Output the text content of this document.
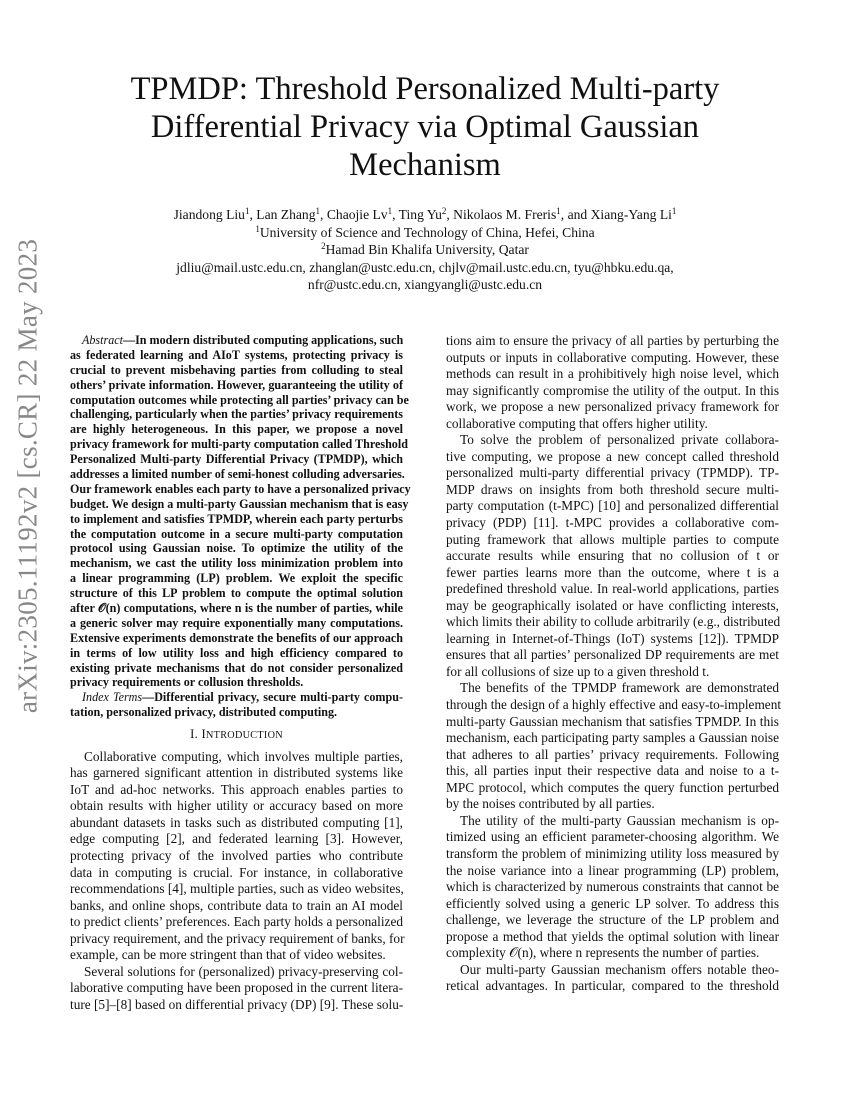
arXiv:2305.11192v2 [cs.CR] 22 May 2023
TPMDP: Threshold Personalized Multi-party
Differential Privacy via Optimal Gaussian
Mechanism
Jiandong Liu$^1$, Lan Zhang$^1$, Chaojie Lv$^1$, Ting Yu$^2$, Nikolaos M. Freris$^1$, and Xiang-Yang Li$^1$
$^1$University of Science and Technology of China, Hefei, China
$^2$Hamad Bin Khalifa University, Qatar
jdliu@mail.ustc.edu.cn, zhanglan@ustc.edu.cn, chjlv@mail.ustc.edu.cn, tyu@hbku.edu.qa,
nfr@ustc.edu.cn, xiangyangli@ustc.edu.cn
Abstract—In modern distributed computing applications, such
as federated learning and AIoT systems, protecting privacy is
crucial to prevent misbehaving parties from colluding to steal
others’ private information. However, guaranteeing the utility of
computation outcomes while protecting all parties’ privacy can be
challenging, particularly when the parties’ privacy requirements
are highly heterogeneous. In this paper, we propose a novel
privacy framework for multi-party computation called Threshold
Personalized Multi-party Differential Privacy (TPMDP), which
addresses a limited number of semi-honest colluding adversaries.
Our framework enables each party to have a personalized privacy
budget. We design a multi-party Gaussian mechanism that is easy
to implement and satisfies TPMDP, wherein each party perturbs
the computation outcome in a secure multi-party computation
protocol using Gaussian noise. To optimize the utility of the
mechanism, we cast the utility loss minimization problem into
a linear programming (LP) problem. We exploit the specific
structure of this LP problem to compute the optimal solution
after 𝒪(n) computations, where n is the number of parties, while
a generic solver may require exponentially many computations.
Extensive experiments demonstrate the benefits of our approach
in terms of low utility loss and high efficiency compared to
existing private mechanisms that do not consider personalized
privacy requirements or collusion thresholds.
Index Terms—Differential privacy, secure multi-party compu-
tation, personalized privacy, distributed computing.
I. INTRODUCTION
Collaborative computing, which involves multiple parties,
has garnered significant attention in distributed systems like
IoT and ad-hoc networks. This approach enables parties to
obtain results with higher utility or accuracy based on more
abundant datasets in tasks such as distributed computing [1],
edge computing [2], and federated learning [3]. However,
protecting privacy of the involved parties who contribute
data in computing is crucial. For instance, in collaborative
recommendations [4], multiple parties, such as video websites,
banks, and online shops, contribute data to train an AI model
to predict clients’ preferences. Each party holds a personalized
privacy requirement, and the privacy requirement of banks, for
example, can be more stringent than that of video websites.
Several solutions for (personalized) privacy-preserving col-
laborative computing have been proposed in the current litera-
ture [5]–[8] based on differential privacy (DP) [9]. These solu-
tions aim to ensure the privacy of all parties by perturbing the
outputs or inputs in collaborative computing. However, these
methods can result in a prohibitively high noise level, which
may significantly compromise the utility of the output. In this
work, we propose a new personalized privacy framework for
collaborative computing that offers higher utility.
To solve the problem of personalized private collabora-
tive computing, we propose a new concept called threshold
personalized multi-party differential privacy (TPMDP). TP-
MDP draws on insights from both threshold secure multi-
party computation (t-MPC) [10] and personalized differential
privacy (PDP) [11]. t-MPC provides a collaborative com-
puting framework that allows multiple parties to compute
accurate results while ensuring that no collusion of t or
fewer parties learns more than the outcome, where t is a
predefined threshold value. In real-world applications, parties
may be geographically isolated or have conflicting interests,
which limits their ability to collude arbitrarily (e.g., distributed
learning in Internet-of-Things (IoT) systems [12]). TPMDP
ensures that all parties’ personalized DP requirements are met
for all collusions of size up to a given threshold t.
The benefits of the TPMDP framework are demonstrated
through the design of a highly effective and easy-to-implement
multi-party Gaussian mechanism that satisfies TPMDP. In this
mechanism, each participating party samples a Gaussian noise
that adheres to all parties’ privacy requirements. Following
this, all parties input their respective data and noise to a t-
MPC protocol, which computes the query function perturbed
by the noises contributed by all parties.
The utility of the multi-party Gaussian mechanism is op-
timized using an efficient parameter-choosing algorithm. We
transform the problem of minimizing utility loss measured by
the noise variance into a linear programming (LP) problem,
which is characterized by numerous constraints that cannot be
efficiently solved using a generic LP solver. To address this
challenge, we leverage the structure of the LP problem and
propose a method that yields the optimal solution with linear
complexity 𝒪(n), where n represents the number of parties.
Our multi-party Gaussian mechanism offers notable theo-
retical advantages. In particular, compared to the threshold
